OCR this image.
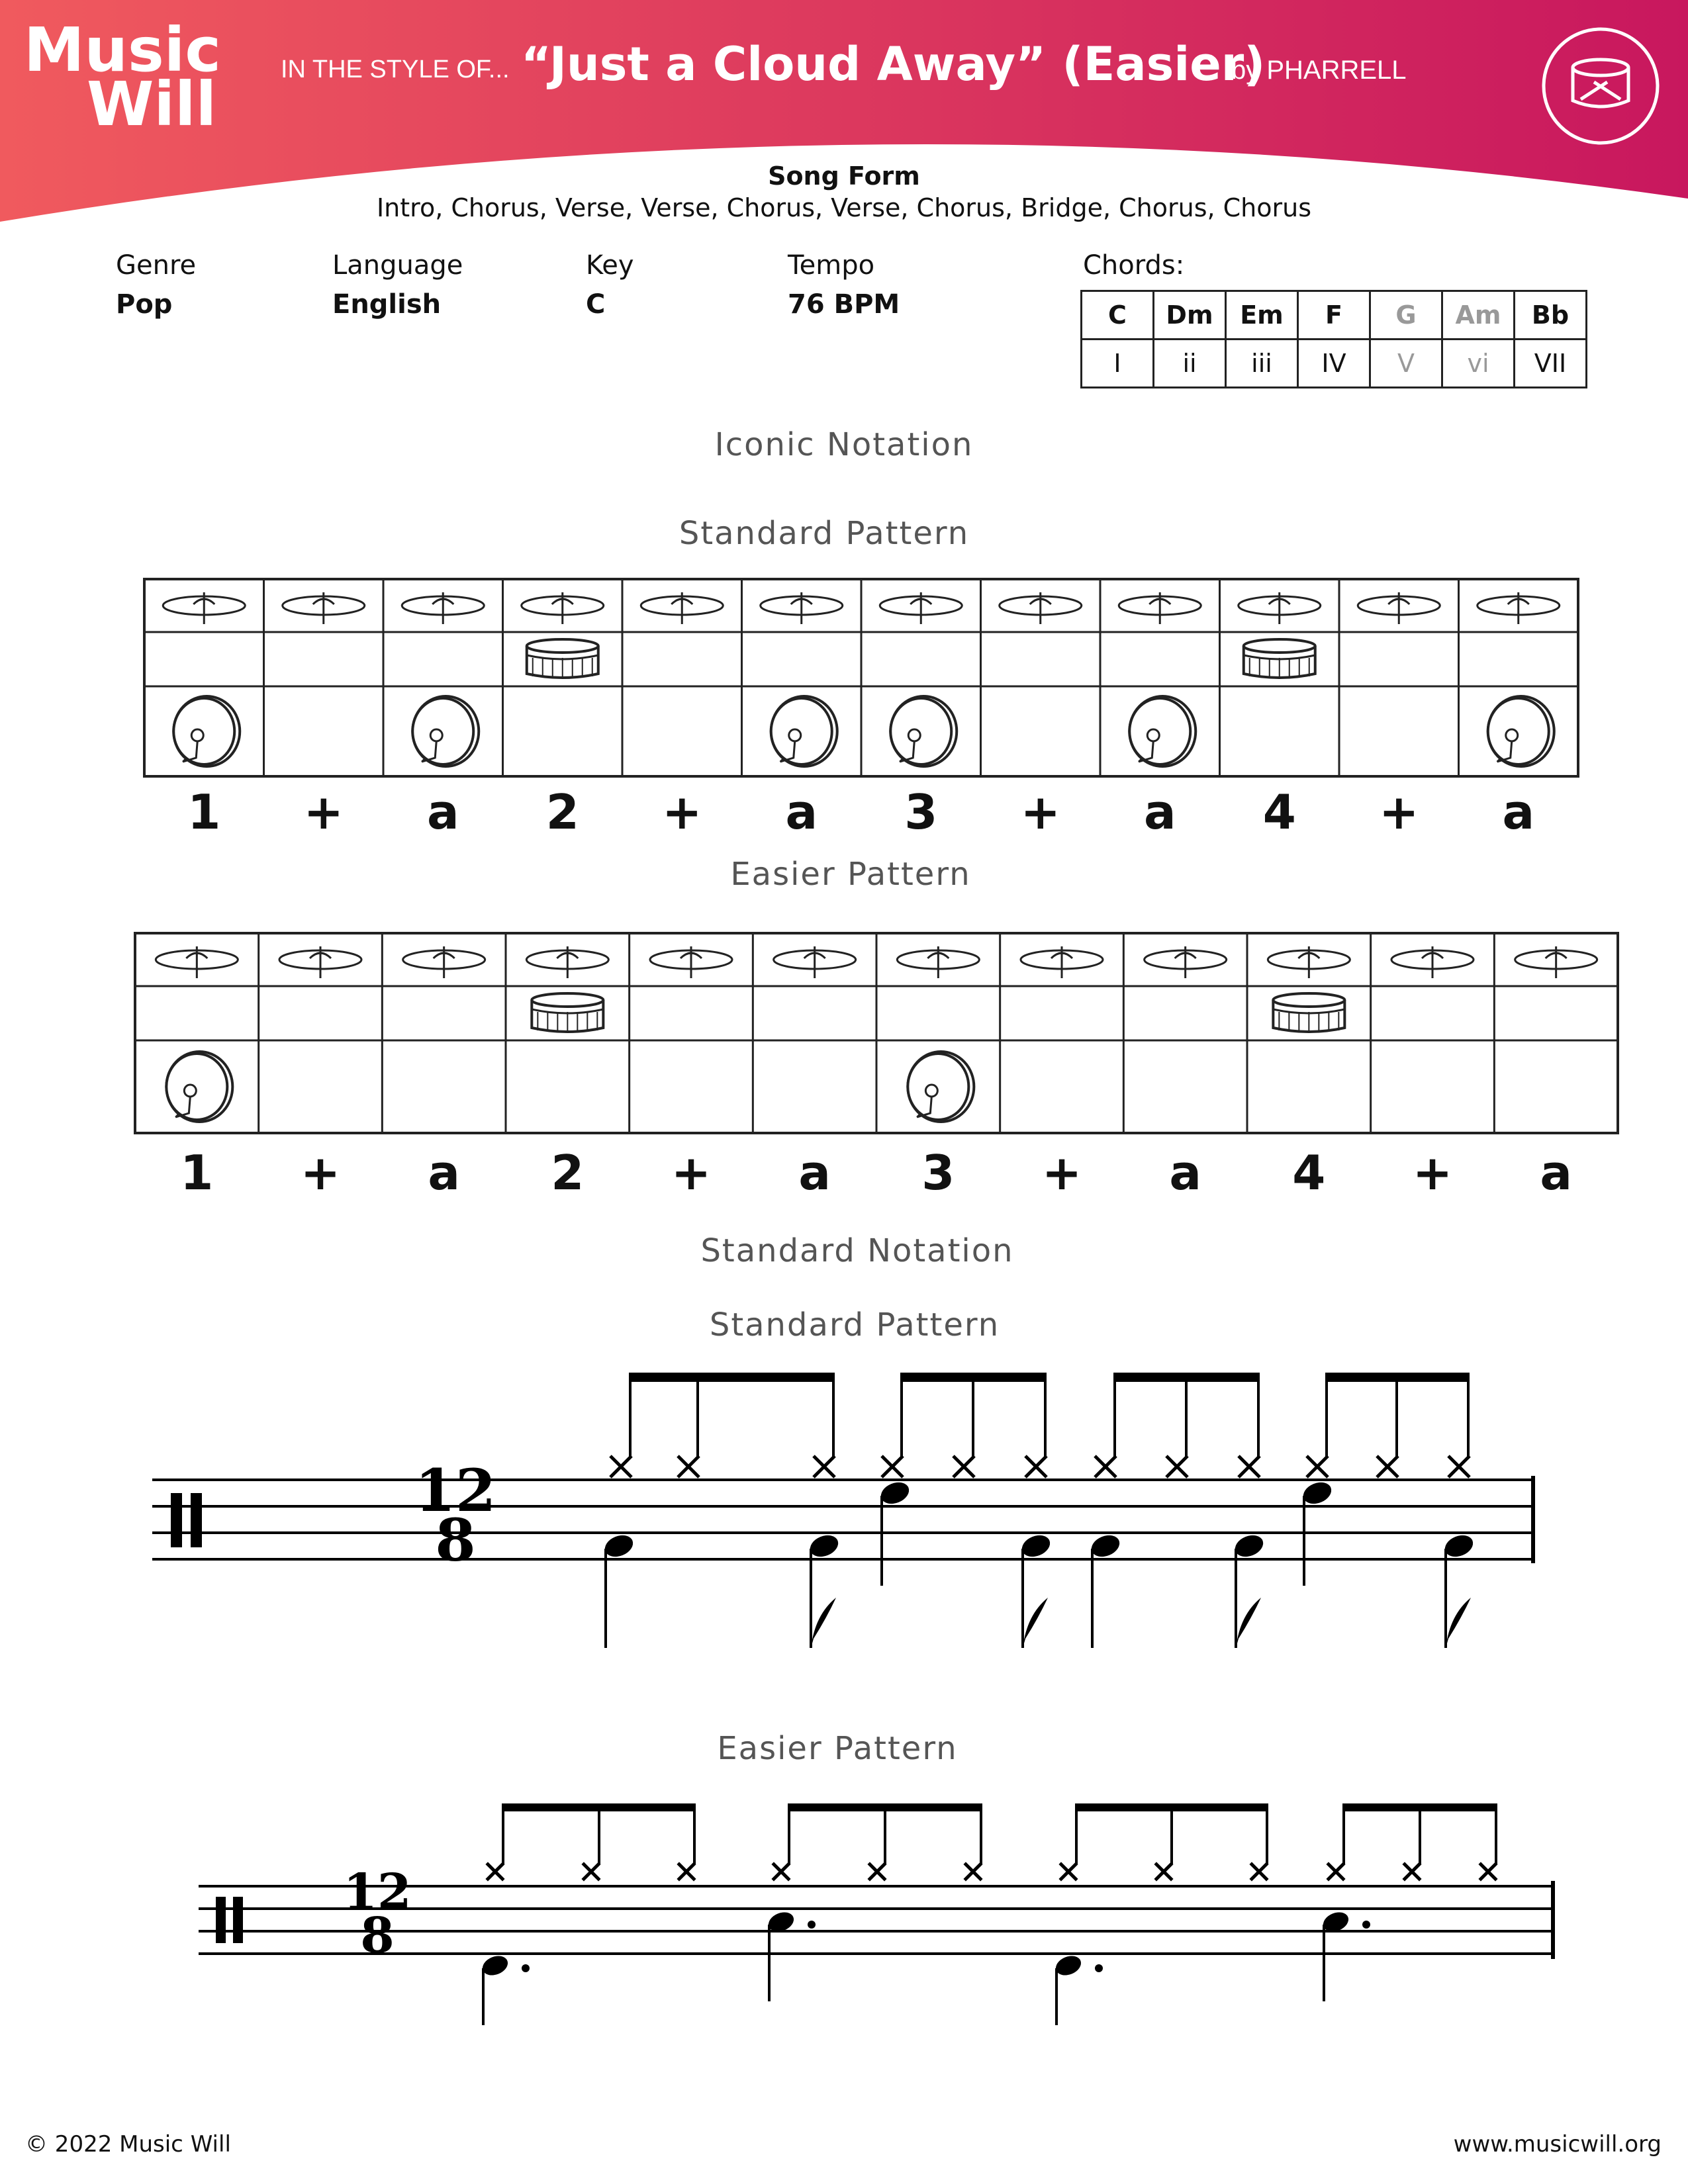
Music
Will	IN THE STYLE OF... “Just a Cloud Away” (Easier)
by PHARRELL
Song Form
Intro, Chorus, Verse, Verse, Chorus, Verse, Chorus, Bridge, Chorus, Chorus
Genre
Pop
Language
English
Key
C
Tempo
76 BPM
Chords:
C	Dm	Em	F	G	Am	Bb
I	ii	iii	IV	V	vi	VII
Iconic Notation
Standard Pattern
1	+	a	2	+	a	3	+	a	4	+	a
Easier Pattern
1	+	a	2	+	a	3	+	a	4	+	a
Standard Notation
Standard Pattern
12
8
Easier Pattern
12
8
© 2022 Music Will	www.musicwill.org
